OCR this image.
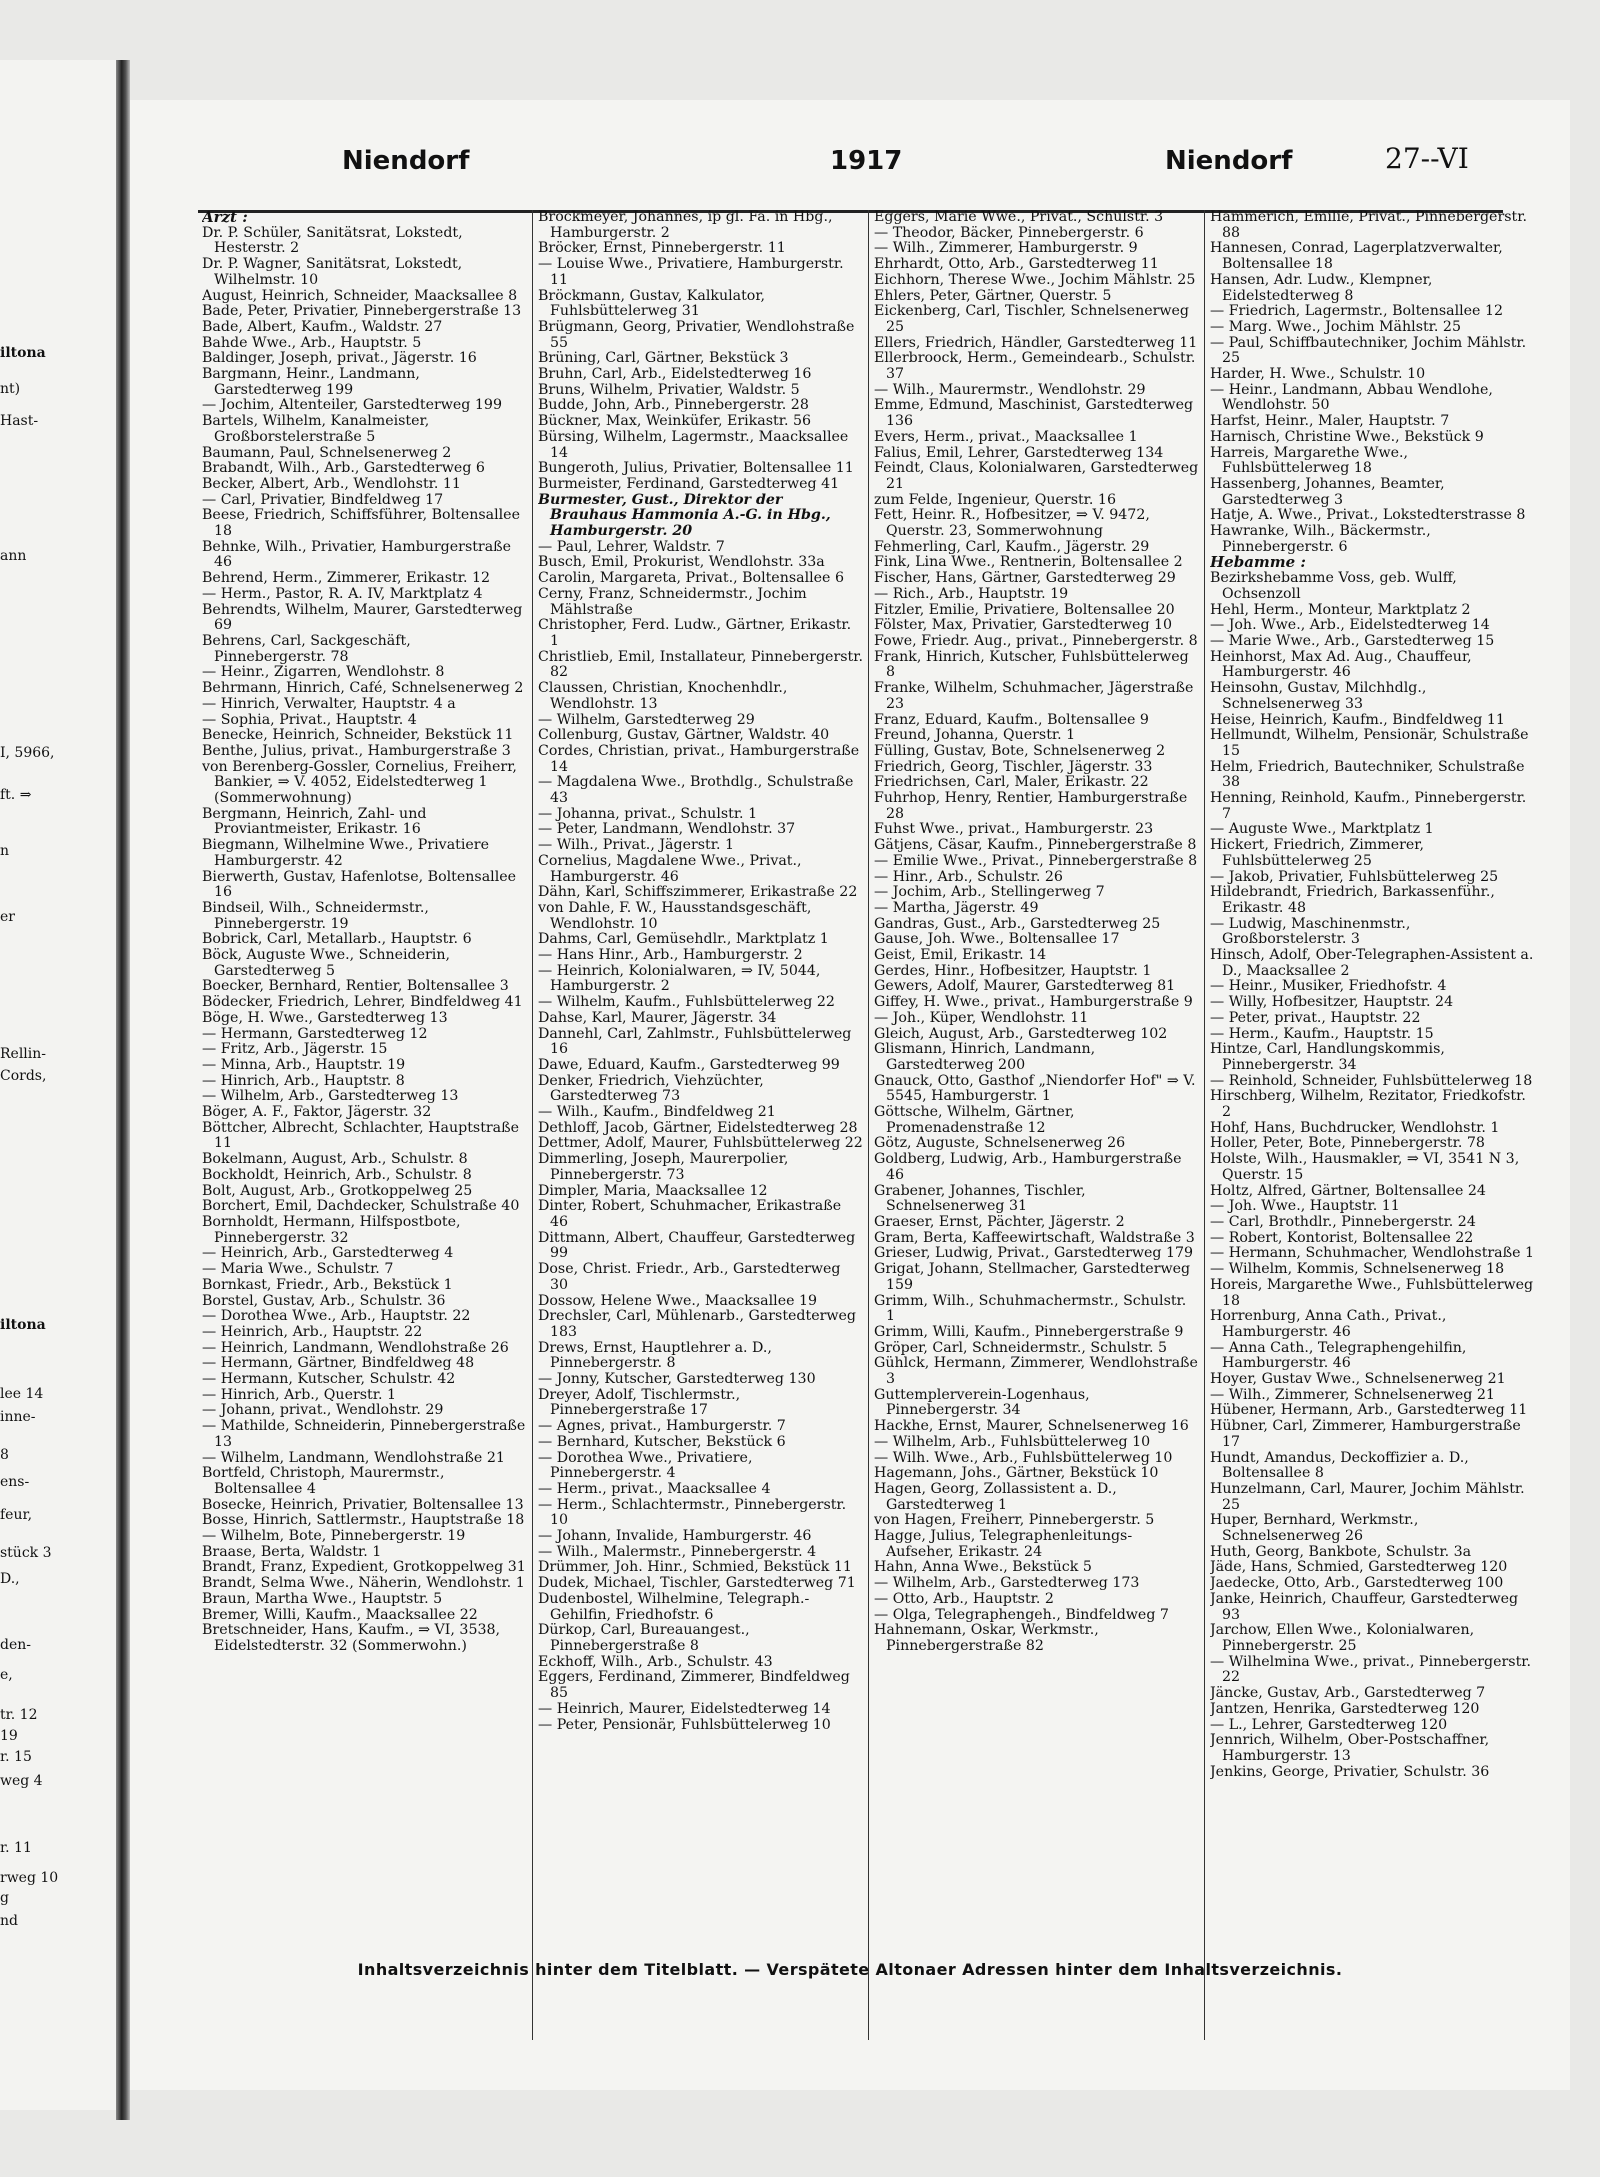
iltona
nt)
Hast-
ann
I, 5966,
ft. ⇒
n
er
Rellin-
Cords,
iltona
lee 14
inne-
8
ens-
feur,
stück 3
D.,
den-
e,
tr. 12
19
r. 15
weg 4
r. 11
rweg 10
g
nd
Niendorf	1917	Niendorf	27--VI

Arzt :

Dr. P. Schüler, Sanitätsrat, Lokstedt, Hesterstr. 2

Dr. P. Wagner, Sanitätsrat, Lokstedt, Wilhelmstr. 10

August, Heinrich, Schneider, Maacksallee 8

Bade, Peter, Privatier, Pinnebergerstraße 13

Bade, Albert, Kaufm., Waldstr. 27

Bahde Wwe., Arb., Hauptstr. 5

Baldinger, Joseph, privat., Jägerstr. 16

Bargmann, Heinr., Landmann, Garstedterweg 199

— Jochim, Altenteiler, Garstedterweg 199

Bartels, Wilhelm, Kanalmeister, Großborstelerstraße 5

Baumann, Paul, Schnelsenerweg 2

Brabandt, Wilh., Arb., Garstedterweg 6

Becker, Albert, Arb., Wendlohstr. 11

— Carl, Privatier, Bindfeldweg 17

Beese, Friedrich, Schiffsführer, Boltensallee 18

Behnke, Wilh., Privatier, Hamburgerstraße 46

Behrend, Herm., Zimmerer, Erikastr. 12

— Herm., Pastor, R. A. IV, Marktplatz 4

Behrendts, Wilhelm, Maurer, Garstedterweg 69

Behrens, Carl, Sackgeschäft, Pinnebergerstr. 78

— Heinr., Zigarren, Wendlohstr. 8

Behrmann, Hinrich, Café, Schnelsenerweg 2

— Hinrich, Verwalter, Hauptstr. 4 a

— Sophia, Privat., Hauptstr. 4

Benecke, Heinrich, Schneider, Bekstück 11

Benthe, Julius, privat., Hamburgerstraße 3

von Berenberg-Gossler, Cornelius, Freiherr, Bankier, ⇒ V. 4052, Eidelstedterweg 1 (Sommerwohnung)

Bergmann, Heinrich, Zahl- und Proviantmeister, Erikastr. 16

Biegmann, Wilhelmine Wwe., Privatiere Hamburgerstr. 42

Bierwerth, Gustav, Hafenlotse, Boltensallee 16

Bindseil, Wilh., Schneidermstr., Pinnebergerstr. 19

Bobrick, Carl, Metallarb., Hauptstr. 6

Böck, Auguste Wwe., Schneiderin, Garstedterweg 5

Boecker, Bernhard, Rentier, Boltensallee 3

Bödecker, Friedrich, Lehrer, Bindfeldweg 41

Böge, H. Wwe., Garstedterweg 13

— Hermann, Garstedterweg 12

— Fritz, Arb., Jägerstr. 15

— Minna, Arb., Hauptstr. 19

— Hinrich, Arb., Hauptstr. 8

— Wilhelm, Arb., Garstedterweg 13

Böger, A. F., Faktor, Jägerstr. 32

Böttcher, Albrecht, Schlachter, Hauptstraße 11

Bokelmann, August, Arb., Schulstr. 8

Bockholdt, Heinrich, Arb., Schulstr. 8

Bolt, August, Arb., Grotkoppelweg 25

Borchert, Emil, Dachdecker, Schulstraße 40

Bornholdt, Hermann, Hilfspostbote, Pinnebergerstr. 32

— Heinrich, Arb., Garstedterweg 4

— Maria Wwe., Schulstr. 7

Bornkast, Friedr., Arb., Bekstück 1

Borstel, Gustav, Arb., Schulstr. 36

— Dorothea Wwe., Arb., Hauptstr. 22

— Heinrich, Arb., Hauptstr. 22

— Heinrich, Landmann, Wendlohstraße 26

— Hermann, Gärtner, Bindfeldweg 48

— Hermann, Kutscher, Schulstr. 42

— Hinrich, Arb., Querstr. 1

— Johann, privat., Wendlohstr. 29

— Mathilde, Schneiderin, Pinnebergerstraße 13

— Wilhelm, Landmann, Wendlohstraße 21

Bortfeld, Christoph, Maurermstr., Boltensallee 4

Bosecke, Heinrich, Privatier, Boltensallee 13

Bosse, Hinrich, Sattlermstr., Hauptstraße 18

— Wilhelm, Bote, Pinnebergerstr. 19

Braase, Berta, Waldstr. 1

Brandt, Franz, Expedient, Grotkoppelweg 31

Brandt, Selma Wwe., Näherin, Wendlohstr. 1

Braun, Martha Wwe., Hauptstr. 5

Bremer, Willi, Kaufm., Maacksallee 22

Bretschneider, Hans, Kaufm., ⇒ VI, 3538, Eidelstedterstr. 32 (Sommerwohn.)

Brockmeyer, Johannes, ip gl. Fa. in Hbg., Hamburgerstr. 2

Bröcker, Ernst, Pinnebergerstr. 11

— Louise Wwe., Privatiere, Hamburgerstr. 11

Bröckmann, Gustav, Kalkulator, Fuhlsbüttelerweg 31

Brügmann, Georg, Privatier, Wendlohstraße 55

Brüning, Carl, Gärtner, Bekstück 3

Bruhn, Carl, Arb., Eidelstedterweg 16

Bruns, Wilhelm, Privatier, Waldstr. 5

Budde, John, Arb., Pinnebergerstr. 28

Bückner, Max, Weinküfer, Erikastr. 56

Bürsing, Wilhelm, Lagermstr., Maacksallee 14

Bungeroth, Julius, Privatier, Boltensallee 11

Burmeister, Ferdinand, Garstedterweg 41

Burmester, Gust., Direktor der Brauhaus Hammonia A.-G. in Hbg., Hamburgerstr. 20

— Paul, Lehrer, Waldstr. 7

Busch, Emil, Prokurist, Wendlohstr. 33a

Carolin, Margareta, Privat., Boltensallee 6

Cerny, Franz, Schneidermstr., Jochim Mählstraße

Christopher, Ferd. Ludw., Gärtner, Erikastr. 1

Christlieb, Emil, Installateur, Pinnebergerstr. 82

Claussen, Christian, Knochenhdlr., Wendlohstr. 13

— Wilhelm, Garstedterweg 29

Collenburg, Gustav, Gärtner, Waldstr. 40

Cordes, Christian, privat., Hamburgerstraße 14

— Magdalena Wwe., Brothdlg., Schulstraße 43

— Johanna, privat., Schulstr. 1

— Peter, Landmann, Wendlohstr. 37

— Wilh., Privat., Jägerstr. 1

Cornelius, Magdalene Wwe., Privat., Hamburgerstr. 46

Dähn, Karl, Schiffszimmerer, Erikastraße 22

von Dahle, F. W., Hausstandsgeschäft, Wendlohstr. 10

Dahms, Carl, Gemüsehdlr., Marktplatz 1

— Hans Hinr., Arb., Hamburgerstr. 2

— Heinrich, Kolonialwaren, ⇒ IV, 5044, Hamburgerstr. 2

— Wilhelm, Kaufm., Fuhlsbüttelerweg 22

Dahse, Karl, Maurer, Jägerstr. 34

Dannehl, Carl, Zahlmstr., Fuhlsbüttelerweg 16

Dawe, Eduard, Kaufm., Garstedterweg 99

Denker, Friedrich, Viehzüchter, Garstedterweg 73

— Wilh., Kaufm., Bindfeldweg 21

Dethloff, Jacob, Gärtner, Eidelstedterweg 28

Dettmer, Adolf, Maurer, Fuhlsbüttelerweg 22

Dimmerling, Joseph, Maurerpolier, Pinnebergerstr. 73

Dimpler, Maria, Maacksallee 12

Dinter, Robert, Schuhmacher, Erikastraße 46

Dittmann, Albert, Chauffeur, Garstedterweg 99

Dose, Christ. Friedr., Arb., Garstedterweg 30

Dossow, Helene Wwe., Maacksallee 19

Drechsler, Carl, Mühlenarb., Garstedterweg 183

Drews, Ernst, Hauptlehrer a. D., Pinnebergerstr. 8

— Jonny, Kutscher, Garstedterweg 130

Dreyer, Adolf, Tischlermstr., Pinnebergerstraße 17

— Agnes, privat., Hamburgerstr. 7

— Bernhard, Kutscher, Bekstück 6

— Dorothea Wwe., Privatiere, Pinnebergerstr. 4

— Herm., privat., Maacksallee 4

— Herm., Schlachtermstr., Pinnebergerstr. 10

— Johann, Invalide, Hamburgerstr. 46

— Wilh., Malermstr., Pinnebergerstr. 4

Drümmer, Joh. Hinr., Schmied, Bekstück 11

Dudek, Michael, Tischler, Garstedterweg 71

Dudenbostel, Wilhelmine, Telegraph.-Gehilfin, Friedhofstr. 6

Dürkop, Carl, Bureauangest., Pinnebergerstraße 8

Eckhoff, Wilh., Arb., Schulstr. 43

Eggers, Ferdinand, Zimmerer, Bindfeldweg 85

— Heinrich, Maurer, Eidelstedterweg 14

— Peter, Pensionär, Fuhlsbüttelerweg 10

Eggers, Marie Wwe., Privat., Schulstr. 3

— Theodor, Bäcker, Pinnebergerstr. 6

— Wilh., Zimmerer, Hamburgerstr. 9

Ehrhardt, Otto, Arb., Garstedterweg 11

Eichhorn, Therese Wwe., Jochim Mählstr. 25

Ehlers, Peter, Gärtner, Querstr. 5

Eickenberg, Carl, Tischler, Schnelsenerweg 25

Ellers, Friedrich, Händler, Garstedterweg 11

Ellerbroock, Herm., Gemeindearb., Schulstr. 37

— Wilh., Maurermstr., Wendlohstr. 29

Emme, Edmund, Maschinist, Garstedterweg 136

Evers, Herm., privat., Maacksallee 1

Falius, Emil, Lehrer, Garstedterweg 134

Feindt, Claus, Kolonialwaren, Garstedterweg 21

zum Felde, Ingenieur, Querstr. 16

Fett, Heinr. R., Hofbesitzer, ⇒ V. 9472, Querstr. 23, Sommerwohnung

Fehmerling, Carl, Kaufm., Jägerstr. 29

Fink, Lina Wwe., Rentnerin, Boltensallee 2

Fischer, Hans, Gärtner, Garstedterweg 29

— Rich., Arb., Hauptstr. 19

Fitzler, Emilie, Privatiere, Boltensallee 20

Fölster, Max, Privatier, Garstedterweg 10

Fowe, Friedr. Aug., privat., Pinnebergerstr. 8

Frank, Hinrich, Kutscher, Fuhlsbüttelerweg 8

Franke, Wilhelm, Schuhmacher, Jägerstraße 23

Franz, Eduard, Kaufm., Boltensallee 9

Freund, Johanna, Querstr. 1

Fülling, Gustav, Bote, Schnelsenerweg 2

Friedrich, Georg, Tischler, Jägerstr. 33

Friedrichsen, Carl, Maler, Erikastr. 22

Fuhrhop, Henry, Rentier, Hamburgerstraße 28

Fuhst Wwe., privat., Hamburgerstr. 23

Gätjens, Cäsar, Kaufm., Pinnebergerstraße 8

— Emilie Wwe., Privat., Pinnebergerstraße 8

— Hinr., Arb., Schulstr. 26

— Jochim, Arb., Stellingerweg 7

— Martha, Jägerstr. 49

Gandras, Gust., Arb., Garstedterweg 25

Gause, Joh. Wwe., Boltensallee 17

Geist, Emil, Erikastr. 14

Gerdes, Hinr., Hofbesitzer, Hauptstr. 1

Gewers, Adolf, Maurer, Garstedterweg 81

Giffey, H. Wwe., privat., Hamburgerstraße 9

— Joh., Küper, Wendlohstr. 11

Gleich, August, Arb., Garstedterweg 102

Glismann, Hinrich, Landmann, Garstedterweg 200

Gnauck, Otto, Gasthof „Niendorfer Hof" ⇒ V. 5545, Hamburgerstr. 1

Göttsche, Wilhelm, Gärtner, Promenadenstraße 12

Götz, Auguste, Schnelsenerweg 26

Goldberg, Ludwig, Arb., Hamburgerstraße 46

Grabener, Johannes, Tischler, Schnelsenerweg 31

Graeser, Ernst, Pächter, Jägerstr. 2

Gram, Berta, Kaffeewirtschaft, Waldstraße 3

Grieser, Ludwig, Privat., Garstedterweg 179

Grigat, Johann, Stellmacher, Garstedterweg 159

Grimm, Wilh., Schuhmachermstr., Schulstr. 1

Grimm, Willi, Kaufm., Pinnebergerstraße 9

Gröper, Carl, Schneidermstr., Schulstr. 5

Gühlck, Hermann, Zimmerer, Wendlohstraße 3

Guttemplerverein-Logenhaus, Pinnebergerstr. 34

Hackhe, Ernst, Maurer, Schnelsenerweg 16

— Wilhelm, Arb., Fuhlsbüttelerweg 10

— Wilh. Wwe., Arb., Fuhlsbüttelerweg 10

Hagemann, Johs., Gärtner, Bekstück 10

Hagen, Georg, Zollassistent a. D., Garstedterweg 1

von Hagen, Freiherr, Pinnebergerstr. 5

Hagge, Julius, Telegraphenleitungs-Aufseher, Erikastr. 24

Hahn, Anna Wwe., Bekstück 5

— Wilhelm, Arb., Garstedterweg 173

— Otto, Arb., Hauptstr. 2

— Olga, Telegraphengeh., Bindfeldweg 7

Hahnemann, Oskar, Werkmstr., Pinnebergerstraße 82

Hammerich, Emilie, Privat., Pinnebergerstr. 88

Hannesen, Conrad, Lagerplatzverwalter, Boltensallee 18

Hansen, Adr. Ludw., Klempner, Eidelstedterweg 8

— Friedrich, Lagermstr., Boltensallee 12

— Marg. Wwe., Jochim Mählstr. 25

— Paul, Schiffbautechniker, Jochim Mählstr. 25

Harder, H. Wwe., Schulstr. 10

— Heinr., Landmann, Abbau Wendlohe, Wendlohstr. 50

Harfst, Heinr., Maler, Hauptstr. 7

Harnisch, Christine Wwe., Bekstück 9

Harreis, Margarethe Wwe., Fuhlsbüttelerweg 18

Hassenberg, Johannes, Beamter, Garstedterweg 3

Hatje, A. Wwe., Privat., Lokstedterstrasse 8

Hawranke, Wilh., Bäckermstr., Pinnebergerstr. 6

Hebamme :

Bezirkshebamme Voss, geb. Wulff, Ochsenzoll

Hehl, Herm., Monteur, Marktplatz 2

— Joh. Wwe., Arb., Eidelstedterweg 14

— Marie Wwe., Arb., Garstedterweg 15

Heinhorst, Max Ad. Aug., Chauffeur, Hamburgerstr. 46

Heinsohn, Gustav, Milchhdlg., Schnelsenerweg 33

Heise, Heinrich, Kaufm., Bindfeldweg 11

Hellmundt, Wilhelm, Pensionär, Schulstraße 15

Helm, Friedrich, Bautechniker, Schulstraße 38

Henning, Reinhold, Kaufm., Pinnebergerstr. 7

— Auguste Wwe., Marktplatz 1

Hickert, Friedrich, Zimmerer, Fuhlsbüttelerweg 25

— Jakob, Privatier, Fuhlsbüttelerweg 25

Hildebrandt, Friedrich, Barkassenführ., Erikastr. 48

— Ludwig, Maschinenmstr., Großborstelerstr. 3

Hinsch, Adolf, Ober-Telegraphen-Assistent a. D., Maacksallee 2

— Heinr., Musiker, Friedhofstr. 4

— Willy, Hofbesitzer, Hauptstr. 24

— Peter, privat., Hauptstr. 22

— Herm., Kaufm., Hauptstr. 15

Hintze, Carl, Handlungskommis, Pinnebergerstr. 34

— Reinhold, Schneider, Fuhlsbüttelerweg 18

Hirschberg, Wilhelm, Rezitator, Friedkofstr. 2

Hohf, Hans, Buchdrucker, Wendlohstr. 1

Holler, Peter, Bote, Pinnebergerstr. 78

Holste, Wilh., Hausmakler, ⇒ VI, 3541 N 3, Querstr. 15

Holtz, Alfred, Gärtner, Boltensallee 24

— Joh. Wwe., Hauptstr. 11

— Carl, Brothdlr., Pinnebergerstr. 24

— Robert, Kontorist, Boltensallee 22

— Hermann, Schuhmacher, Wendlohstraße 1

— Wilhelm, Kommis, Schnelsenerweg 18

Horeis, Margarethe Wwe., Fuhlsbüttelerweg 18

Horrenburg, Anna Cath., Privat., Hamburgerstr. 46

— Anna Cath., Telegraphengehilfin, Hamburgerstr. 46

Hoyer, Gustav Wwe., Schnelsenerweg 21

— Wilh., Zimmerer, Schnelsenerweg 21

Hübener, Hermann, Arb., Garstedterweg 11

Hübner, Carl, Zimmerer, Hamburgerstraße 17

Hundt, Amandus, Deckoffizier a. D., Boltensallee 8

Hunzelmann, Carl, Maurer, Jochim Mählstr. 25

Huper, Bernhard, Werkmstr., Schnelsenerweg 26

Huth, Georg, Bankbote, Schulstr. 3a

Jäde, Hans, Schmied, Garstedterweg 120

Jaedecke, Otto, Arb., Garstedterweg 100

Janke, Heinrich, Chauffeur, Garstedterweg 93

Jarchow, Ellen Wwe., Kolonialwaren, Pinnebergerstr. 25

— Wilhelmina Wwe., privat., Pinnebergerstr. 22

Jäncke, Gustav, Arb., Garstedterweg 7

Jantzen, Henrika, Garstedterweg 120

— L., Lehrer, Garstedterweg 120

Jennrich, Wilhelm, Ober-Postschaffner, Hamburgerstr. 13

Jenkins, George, Privatier, Schulstr. 36

Inhaltsverzeichnis hinter dem Titelblatt. — Verspätete Altonaer Adressen hinter dem Inhaltsverzeichnis.
